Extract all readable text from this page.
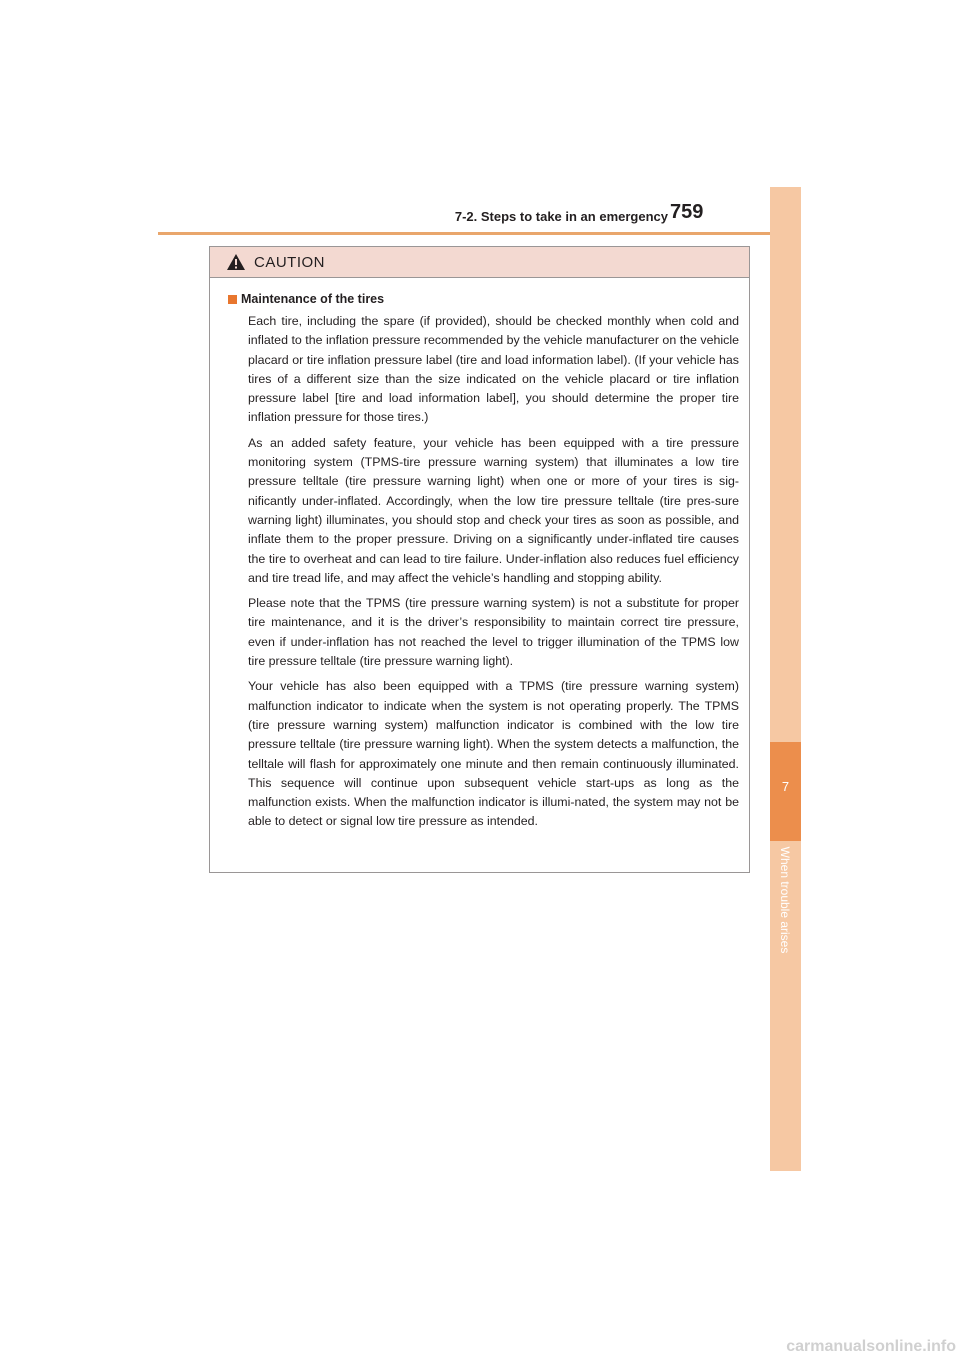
7-2. Steps to take in an emergency 759
7
When trouble arises
CAUTION
Maintenance of the tires

Each tire, including the spare (if provided), should be checked monthly when cold and inflated to the inflation pressure recommended by the vehicle manufacturer on the vehicle placard or tire inflation pressure label (tire and load information label). (If your vehicle has tires of a different size than the size indicated on the vehicle placard or tire inflation pressure label [tire and load information label], you should determine the proper tire inflation pressure for those tires.)

As an added safety feature, your vehicle has been equipped with a tire pressure monitoring system (TPMS-tire pressure warning system) that illuminates a low tire pressure telltale (tire pressure warning light) when one or more of your tires is sig-nificantly under-inflated. Accordingly, when the low tire pressure telltale (tire pres-sure warning light) illuminates, you should stop and check your tires as soon as possible, and inflate them to the proper pressure. Driving on a significantly under-inflated tire causes the tire to overheat and can lead to tire failure. Under-inflation also reduces fuel efficiency and tire tread life, and may affect the vehicle’s handling and stopping ability.

Please note that the TPMS (tire pressure warning system) is not a substitute for proper tire maintenance, and it is the driver’s responsibility to maintain correct tire pressure, even if under-inflation has not reached the level to trigger illumination of the TPMS low tire pressure telltale (tire pressure warning light).

Your vehicle has also been equipped with a TPMS (tire pressure warning system) malfunction indicator to indicate when the system is not operating properly. The TPMS (tire pressure warning system) malfunction indicator is combined with the low tire pressure telltale (tire pressure warning light). When the system detects a malfunction, the telltale will flash for approximately one minute and then remain continuously illuminated. This sequence will continue upon subsequent vehicle start-ups as long as the malfunction exists. When the malfunction indicator is illumi-nated, the system may not be able to detect or signal low tire pressure as intended.

carmanualsonline.info
